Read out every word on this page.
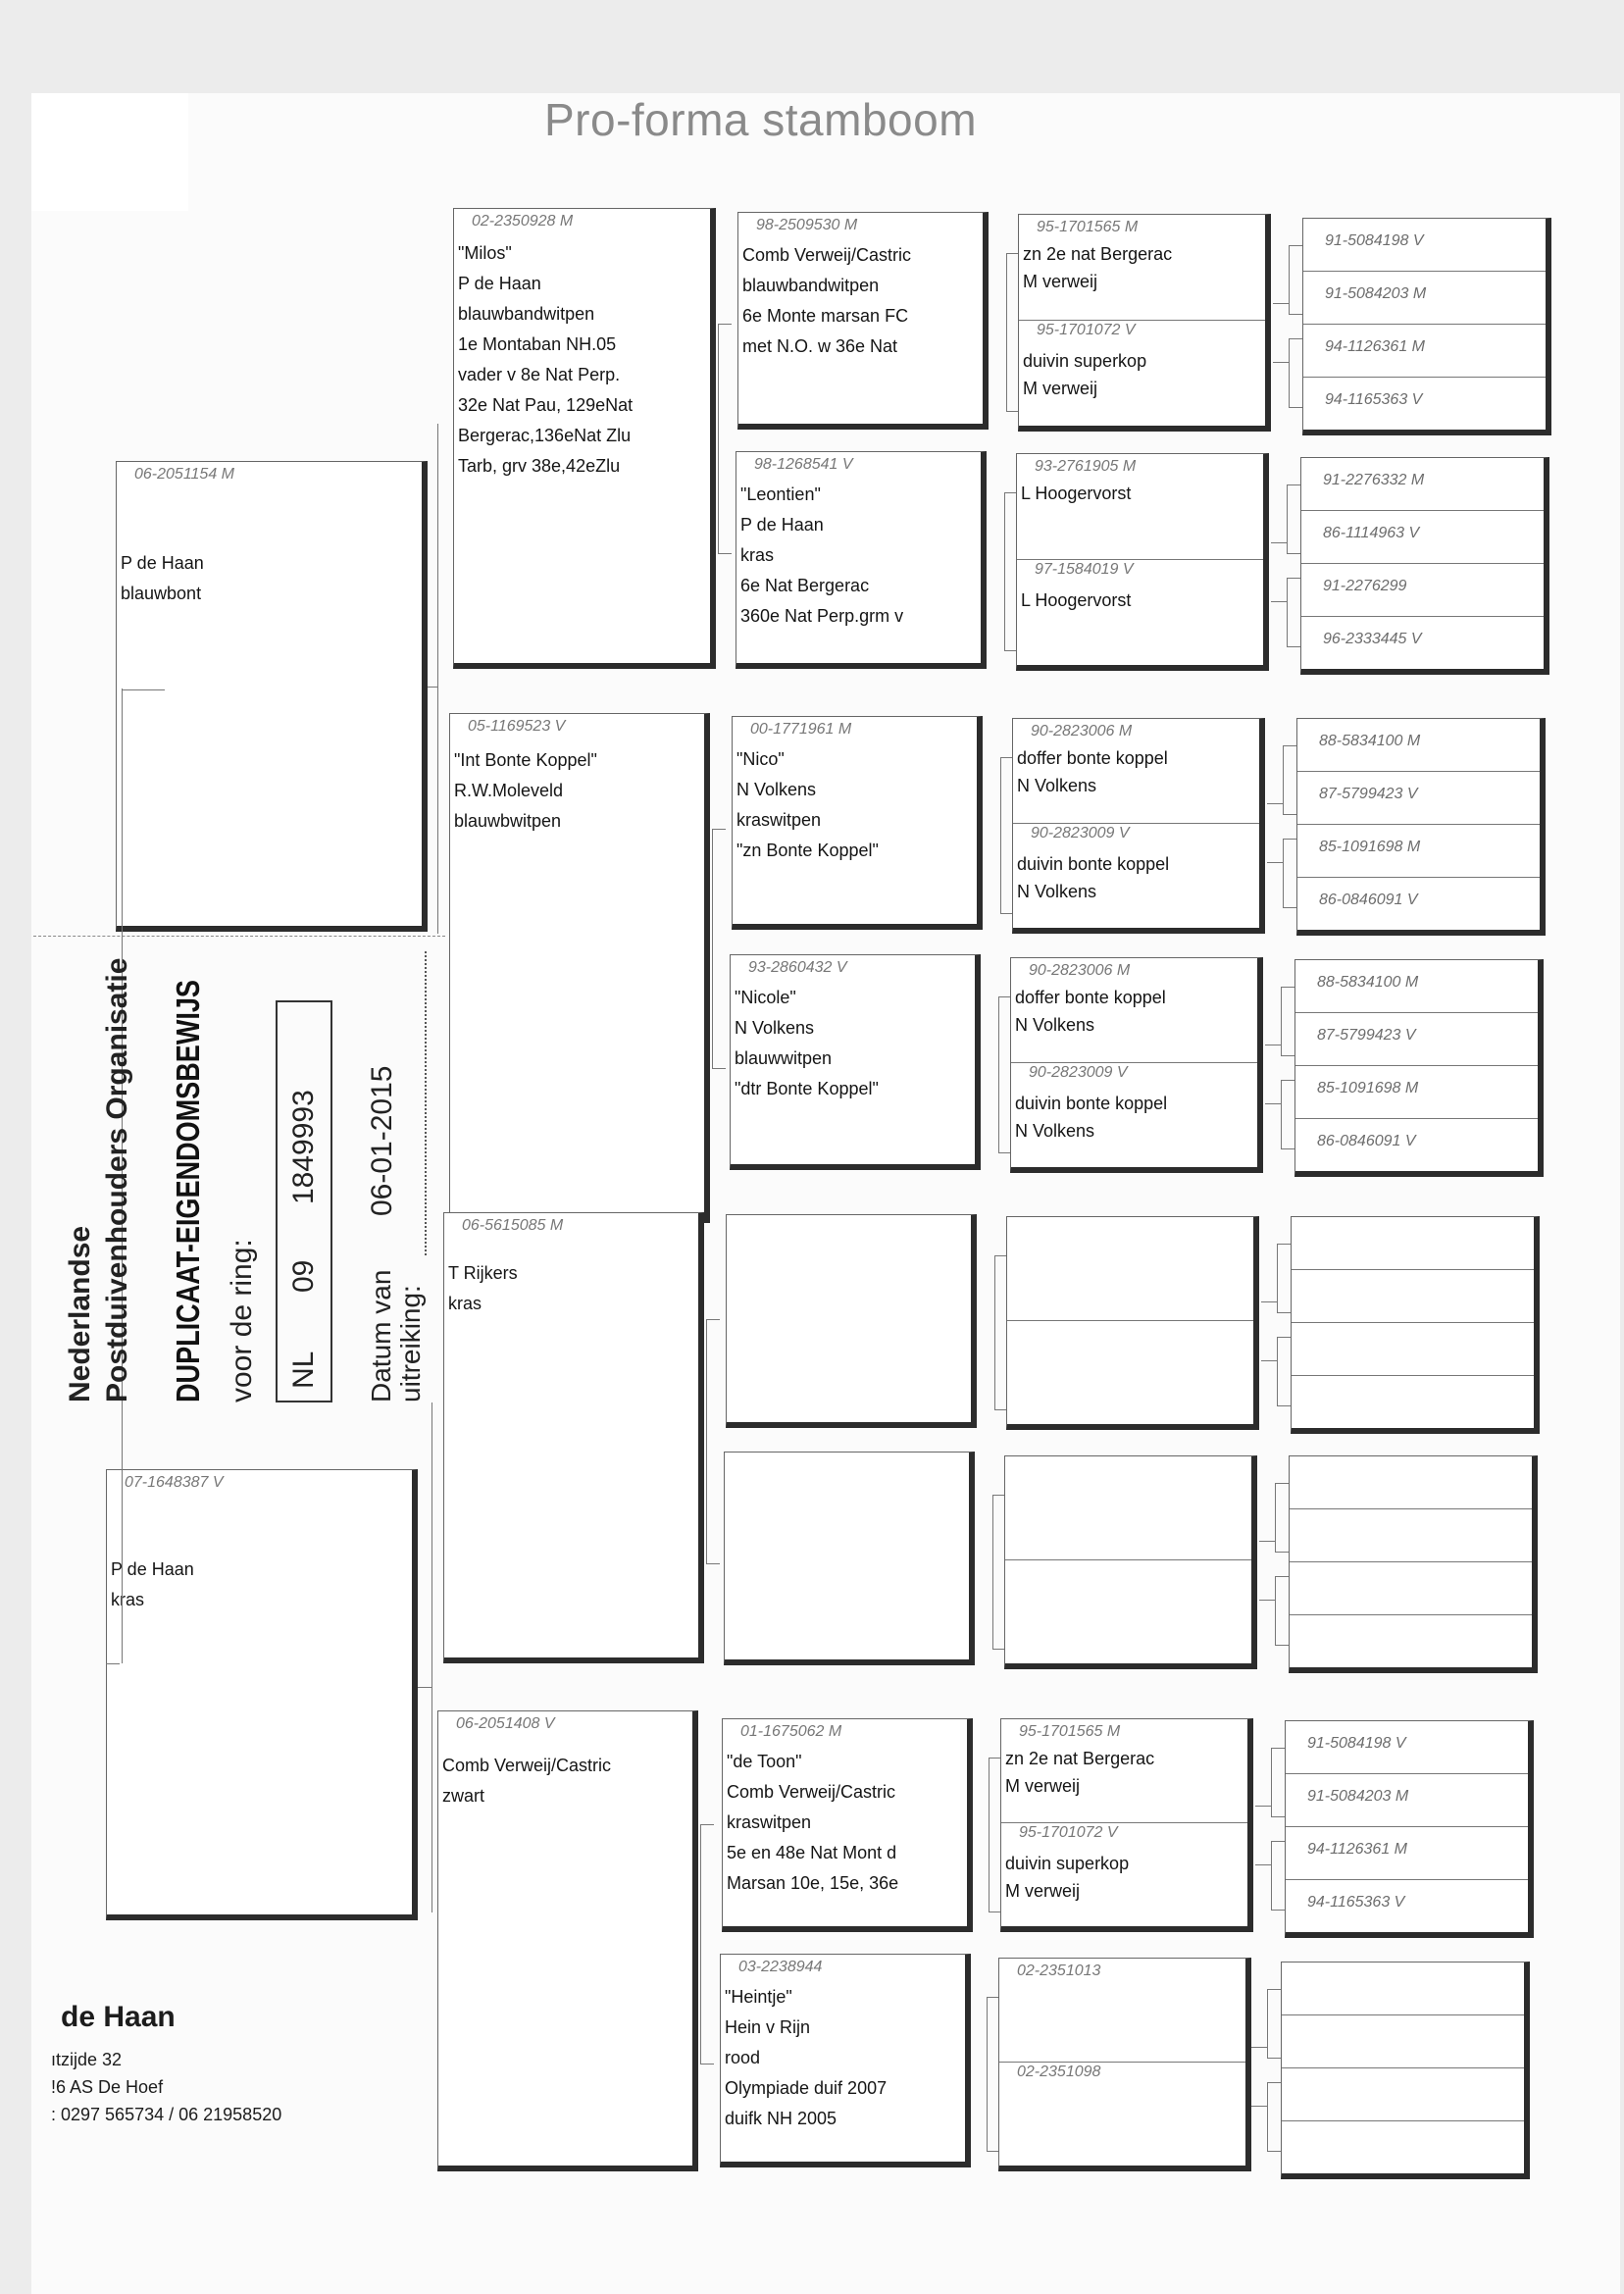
Pro-forma stamboom
06-2051154 M
P de Haan
blauwbont
07-1648387 V
P de Haan
kras
02-2350928 M
"Milos"
P de Haan
blauwbandwitpen
1e Montaban NH.05
vader v 8e Nat Perp.
32e Nat Pau, 129eNat
Bergerac,136eNat Zlu
Tarb, grv 38e,42eZlu
05-1169523 V
"Int Bonte Koppel"
R.W.Moleveld
blauwbwitpen
06-5615085 M
T Rijkers
kras
06-2051408 V
Comb Verweij/Castric
zwart
98-2509530 M
Comb Verweij/Castric
blauwbandwitpen
6e Monte marsan FC
met N.O. w 36e Nat
98-1268541 V
"Leontien"
P de Haan
kras
6e Nat Bergerac
360e Nat Perp.grm v
00-1771961 M
"Nico"
N Volkens
kraswitpen
"zn Bonte Koppel"
93-2860432 V
"Nicole"
N Volkens
blauwwitpen
"dtr Bonte Koppel"
01-1675062 M
"de Toon"
Comb Verweij/Castric
kraswitpen
5e en 48e Nat Mont d
Marsan 10e, 15e, 36e
03-2238944
"Heintje"
Hein v Rijn
rood
Olympiade duif 2007
duifk NH 2005
95-1701565 M
zn 2e nat Bergerac
M verweij
95-1701072 V
duivin superkop
M verweij
93-2761905 M
L Hoogervorst
97-1584019 V
L Hoogervorst
90-2823006 M
doffer bonte koppel
N Volkens
90-2823009 V
duivin bonte koppel
N Volkens
90-2823006 M
doffer bonte koppel
N Volkens
90-2823009 V
duivin bonte koppel
N Volkens
95-1701565 M
zn 2e nat Bergerac
M verweij
95-1701072 V
duivin superkop
M verweij
02-2351013
02-2351098
91-5084198 V
91-5084203 M
94-1126361 M
94-1165363 V
91-2276332 M
86-1114963 V
91-2276299
96-2333445 V
88-5834100 M
87-5799423 V
85-1091698 M
86-0846091 V
88-5834100 M
87-5799423 V
85-1091698 M
86-0846091 V
91-5084198 V
91-5084203 M
94-1126361 M
94-1165363 V
Nederlandse Postduivenhouders Organisatie DUPLICAAT-EIGENDOMSBEWIJS voor de ring:	NL
09
1849993
Datum van uitreiking:
06-01-2015
de Haan
ıtzijde 32
!6 AS De Hoef
: 0297 565734 / 06 21958520
